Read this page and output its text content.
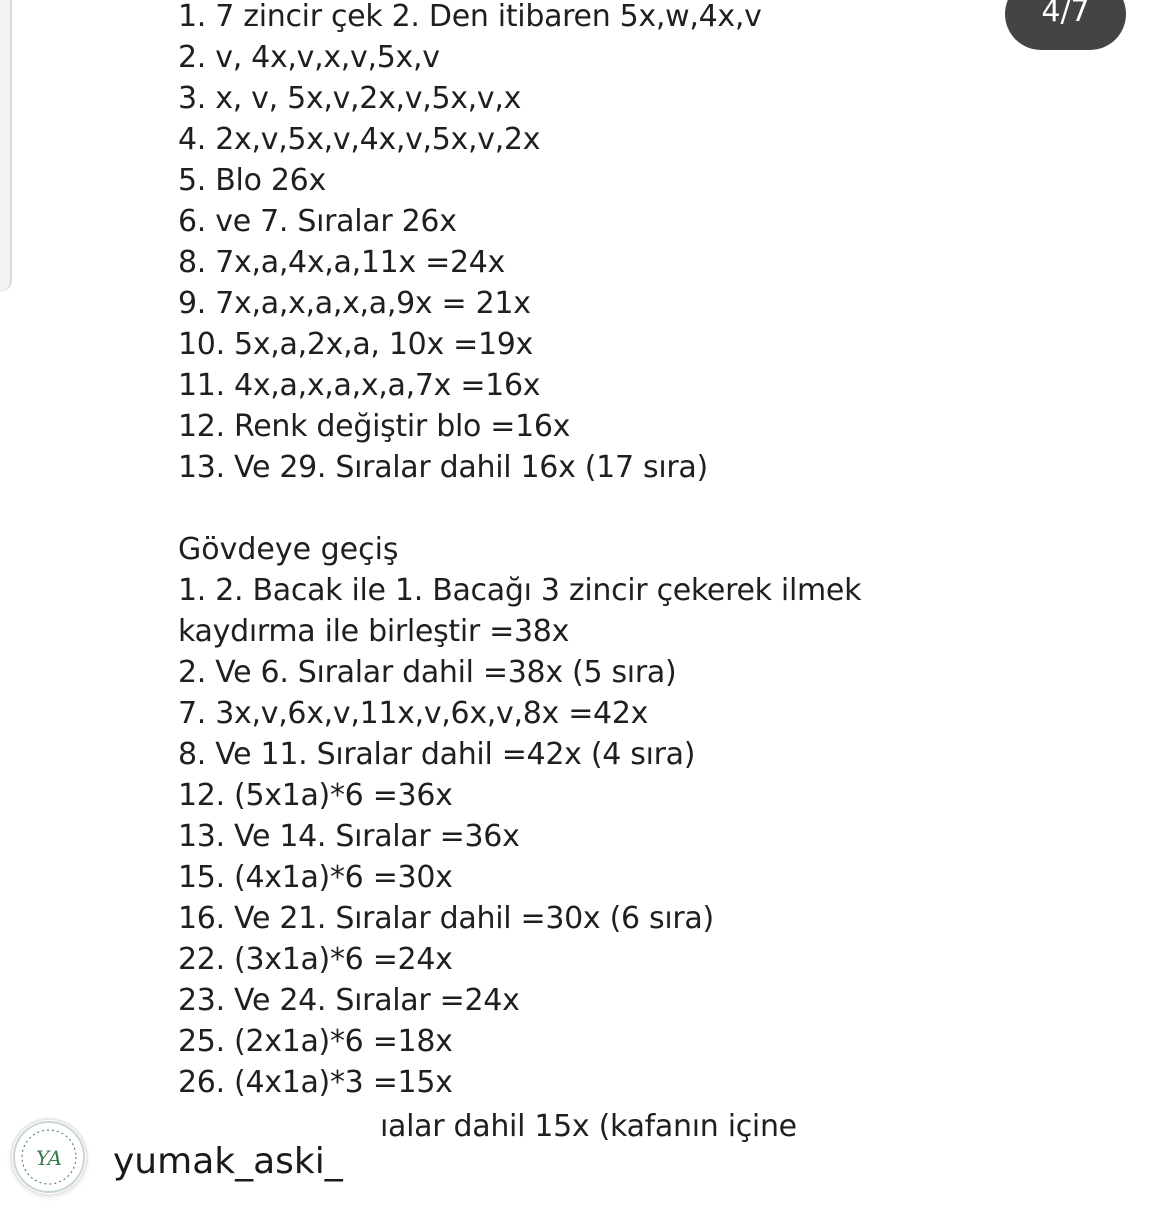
4/7
1. 7 zincir çek 2. Den itibaren 5x,w,4x,v
2. v, 4x,v,x,v,5x,v
3. x, v, 5x,v,2x,v,5x,v,x
4. 2x,v,5x,v,4x,v,5x,v,2x
5. Blo 26x
6. ve 7. Sıralar 26x
8. 7x,a,4x,a,11x =24x
9. 7x,a,x,a,x,a,9x = 21x
10. 5x,a,2x,a, 10x =19x
11. 4x,a,x,a,x,a,7x =16x
12. Renk değiştir blo =16x
13. Ve 29. Sıralar dahil 16x (17 sıra)
Gövdeye geçiş
1. 2. Bacak ile 1. Bacağı 3 zincir çekerek ilmek
kaydırma ile birleştir =38x
2. Ve 6. Sıralar dahil =38x (5 sıra)
7. 3x,v,6x,v,11x,v,6x,v,8x =42x
8. Ve 11. Sıralar dahil =42x (4 sıra)
12. (5x1a)*6 =36x
13. Ve 14. Sıralar =36x
15. (4x1a)*6 =30x
16. Ve 21. Sıralar dahil =30x (6 sıra)
22. (3x1a)*6 =24x
23. Ve 24. Sıralar =24x
25. (2x1a)*6 =18x
26. (4x1a)*3 =15x
ıalar dahil 15x (kafanın içine
YA yumak_aski_
